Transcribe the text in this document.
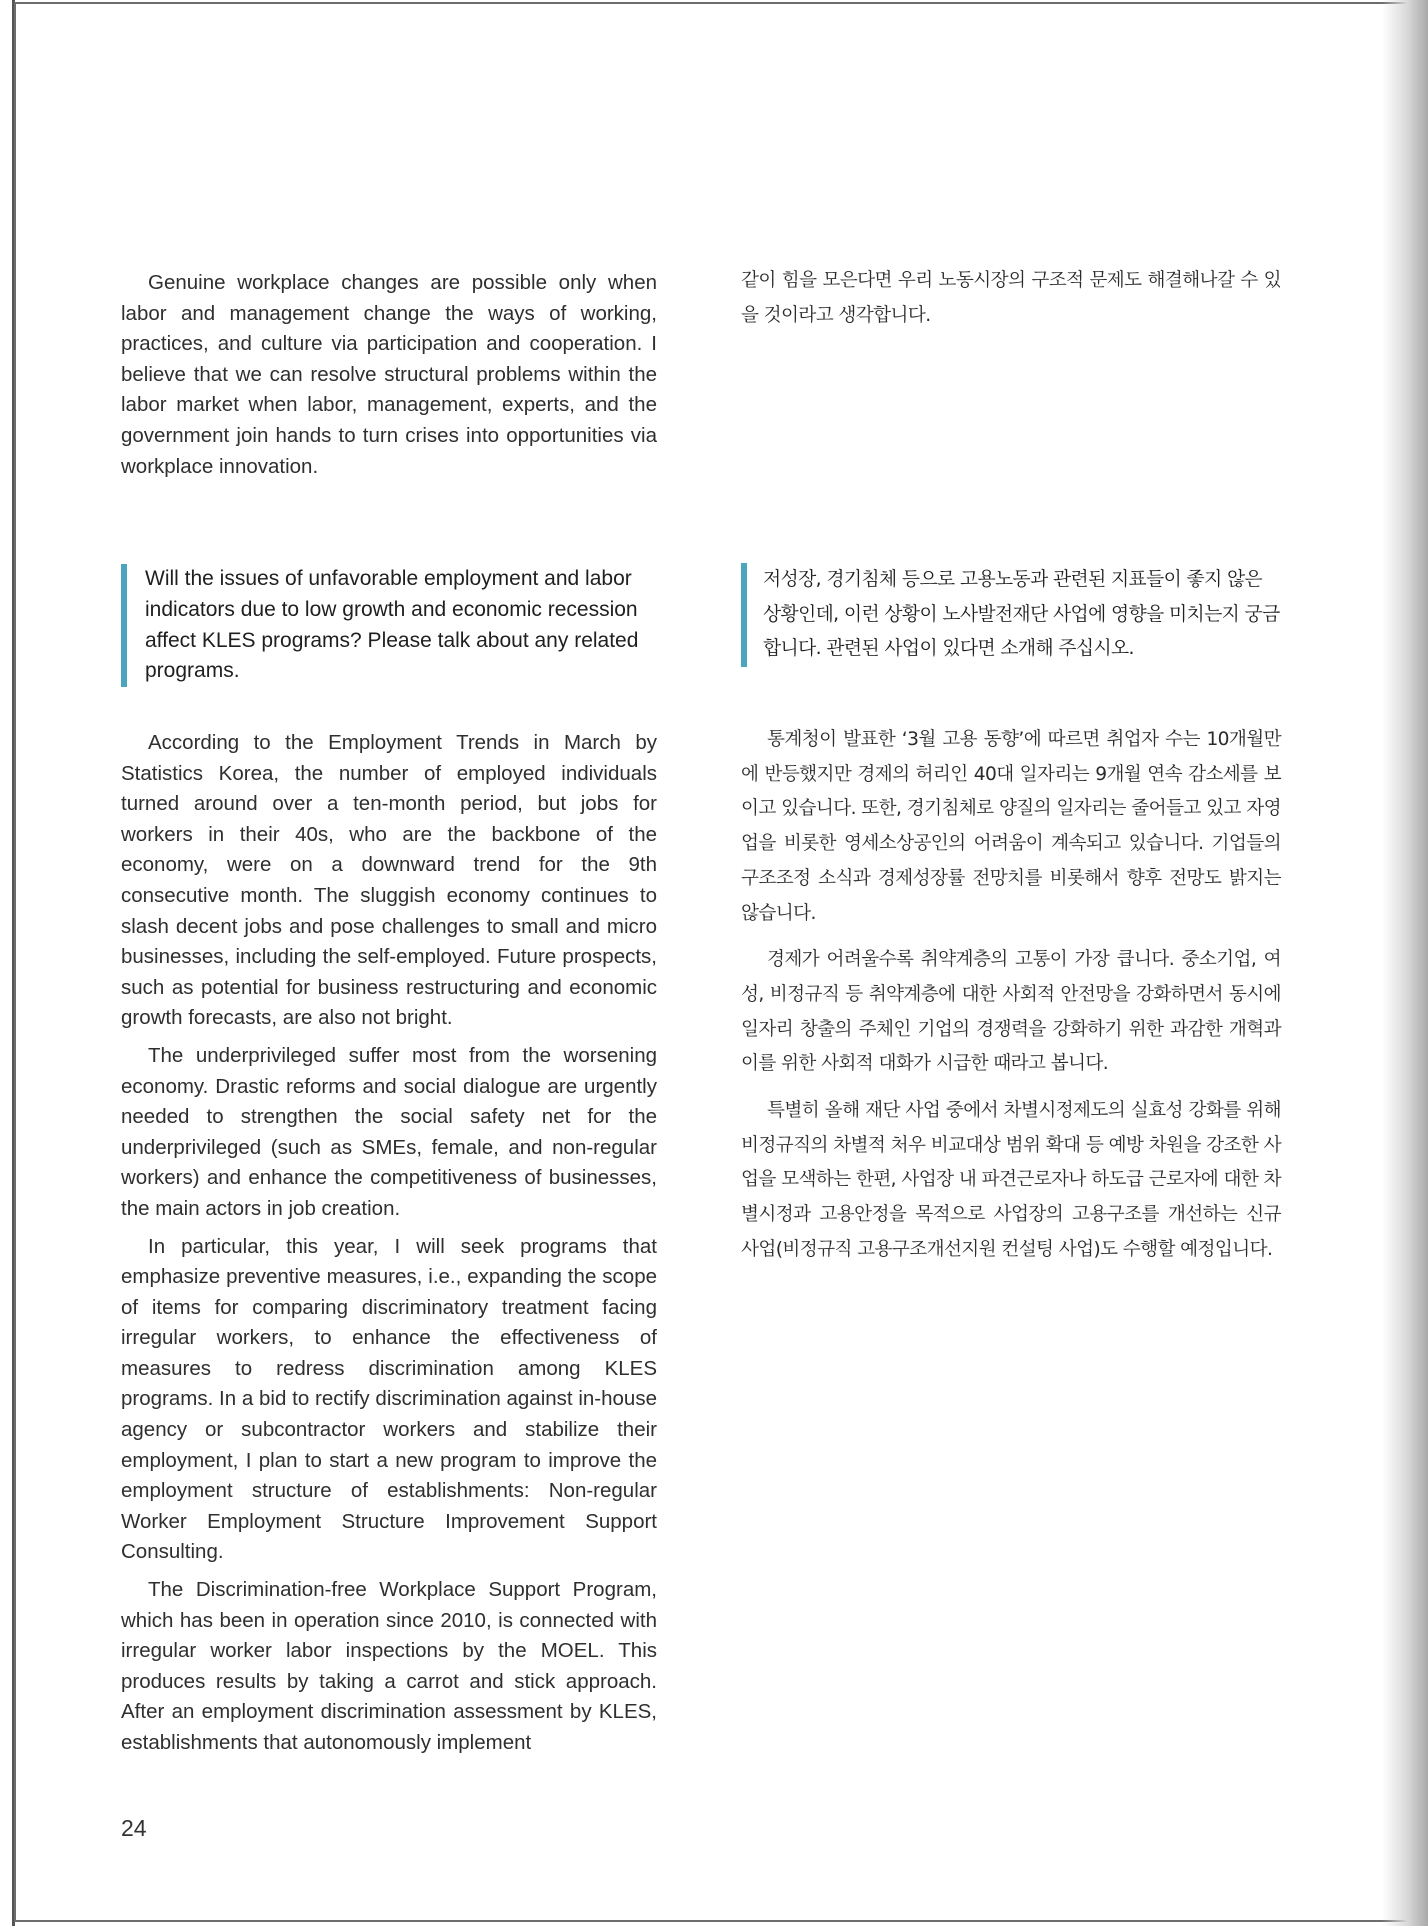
Genuine workplace changes are possible only when labor and management change the ways of working, practices, and culture via participation and cooperation. I believe that we can resolve structural problems within the labor market when labor, management, experts, and the government join hands to turn crises into opportunities via workplace innovation.

같이 힘을 모은다면 우리 노동시장의 구조적 문제도 해결해나갈 수 있을 것이라고 생각합니다.

Will the issues of unfavorable employment and labor indicators due to low growth and economic recession affect KLES programs? Please talk about any related programs.

저성장, 경기침체 등으로 고용노동과 관련된 지표들이 좋지 않은 상황인데, 이런 상황이 노사발전재단 사업에 영향을 미치는지 궁금합니다. 관련된 사업이 있다면 소개해 주십시오.

According to the Employment Trends in March by Statistics Korea, the number of employed individuals turned around over a ten-month period, but jobs for workers in their 40s, who are the backbone of the economy, were on a downward trend for the 9th consecutive month. The sluggish economy continues to slash decent jobs and pose challenges to small and micro businesses, including the self-employed. Future prospects, such as potential for business restructuring and economic growth forecasts, are also not bright.

The underprivileged suffer most from the worsening economy. Drastic reforms and social dialogue are urgently needed to strengthen the social safety net for the underprivileged (such as SMEs, female, and non-regular workers) and enhance the competitiveness of businesses, the main actors in job creation.

In particular, this year, I will seek programs that emphasize preventive measures, i.e., expanding the scope of items for comparing discriminatory treatment facing irregular workers, to enhance the effectiveness of measures to redress discrimination among KLES programs. In a bid to rectify discrimination against in-house agency or subcontractor workers and stabilize their employment, I plan to start a new program to improve the employment structure of establishments: Non-regular Worker Employment Structure Improvement Support Consulting.

The Discrimination-free Workplace Support Program, which has been in operation since 2010, is connected with irregular worker labor inspections by the MOEL. This produces results by taking a carrot and stick approach. After an employment discrimination assessment by KLES, establishments that autonomously implement

통계청이 발표한 ‘3월 고용 동향’에 따르면 취업자 수는 10개월만에 반등했지만 경제의 허리인 40대 일자리는 9개월 연속 감소세를 보이고 있습니다. 또한, 경기침체로 양질의 일자리는 줄어들고 있고 자영업을 비롯한 영세소상공인의 어려움이 계속되고 있습니다. 기업들의 구조조정 소식과 경제성장률 전망치를 비롯해서 향후 전망도 밝지는 않습니다.

경제가 어려울수록 취약계층의 고통이 가장 큽니다. 중소기업, 여성, 비정규직 등 취약계층에 대한 사회적 안전망을 강화하면서 동시에 일자리 창출의 주체인 기업의 경쟁력을 강화하기 위한 과감한 개혁과 이를 위한 사회적 대화가 시급한 때라고 봅니다.

특별히 올해 재단 사업 중에서 차별시정제도의 실효성 강화를 위해 비정규직의 차별적 처우 비교대상 범위 확대 등 예방 차원을 강조한 사업을 모색하는 한편, 사업장 내 파견근로자나 하도급 근로자에 대한 차별시정과 고용안정을 목적으로 사업장의 고용구조를 개선하는 신규 사업(비정규직 고용구조개선지원 컨설팅 사업)도 수행할 예정입니다.

24
